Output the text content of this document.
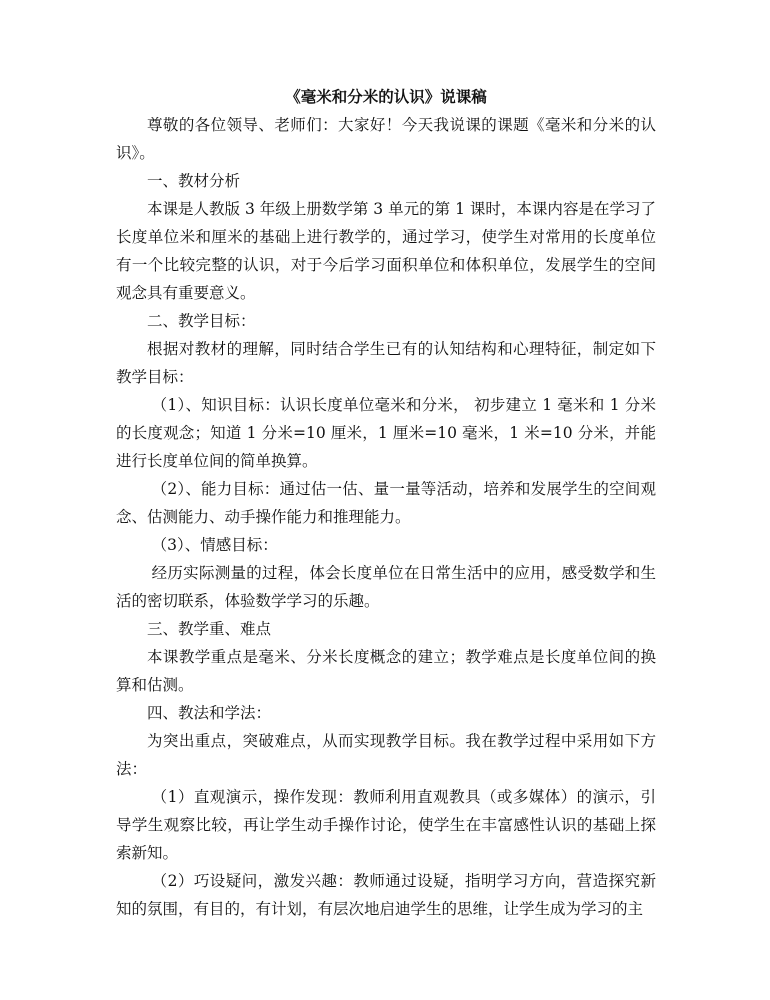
《毫米和分米的认识》说课稿

尊敬的各位领导、老师们：大家好！今天我说课的课题《毫米和分米的认识》。

一、教材分析

本课是人教版 3 年级上册数学第 3 单元的第 1 课时，本课内容是在学习了长度单位米和厘米的基础上进行教学的，通过学习，使学生对常用的长度单位有一个比较完整的认识，对于今后学习面积单位和体积单位，发展学生的空间观念具有重要意义。

二、教学目标：

根据对教材的理解，同时结合学生已有的认知结构和心理特征，制定如下教学目标：

（1）、知识目标：认识长度单位毫米和分米， 初步建立 1 毫米和 1 分米的长度观念；知道 1 分米=10 厘米，1 厘米=10 毫米，1 米=10 分米，并能进行长度单位间的简单换算。

（2）、能力目标：通过估一估、量一量等活动，培养和发展学生的空间观念、估测能力、动手操作能力和推理能力。

（3）、情感目标：

经历实际测量的过程，体会长度单位在日常生活中的应用，感受数学和生活的密切联系，体验数学学习的乐趣。

三、教学重、难点

本课教学重点是毫米、分米长度概念的建立；教学难点是长度单位间的换算和估测。

四、教法和学法：

为突出重点，突破难点，从而实现教学目标。我在教学过程中采用如下方法：

（1）直观演示，操作发现：教师利用直观教具（或多媒体）的演示，引导学生观察比较，再让学生动手操作讨论，使学生在丰富感性认识的基础上探索新知。

（2）巧设疑问，激发兴趣：教师通过设疑，指明学习方向，营造探究新知的氛围，有目的，有计划，有层次地启迪学生的思维，让学生成为学习的主
